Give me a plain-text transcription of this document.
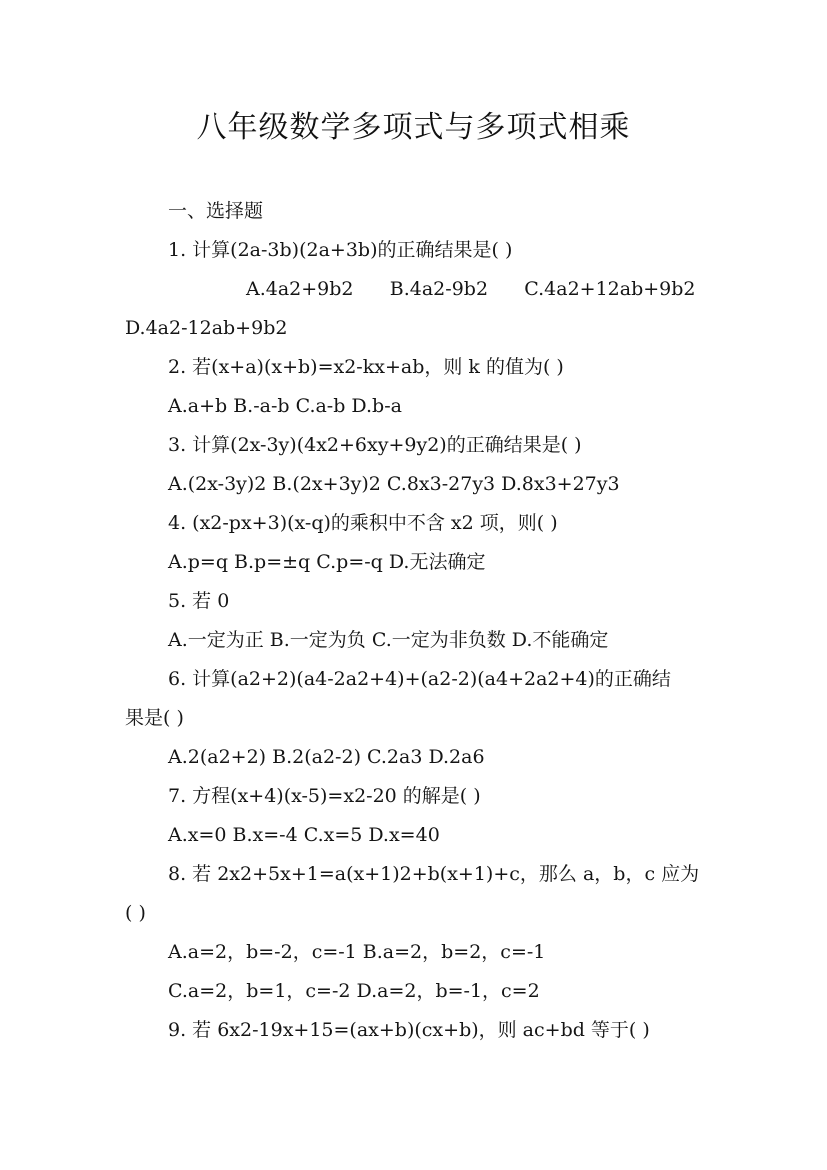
八年级数学多项式与多项式相乘
一、选择题
1. 计算(2a-3b)(2a+3b)的正确结果是( )
A.4a2+9b2      B.4a2-9b2      C.4a2+12ab+9b2
D.4a2-12ab+9b2
2. 若(x+a)(x+b)=x2-kx+ab，则 k 的值为( )
A.a+b B.-a-b C.a-b D.b-a
3. 计算(2x-3y)(4x2+6xy+9y2)的正确结果是( )
A.(2x-3y)2 B.(2x+3y)2 C.8x3-27y3 D.8x3+27y3
4. (x2-px+3)(x-q)的乘积中不含 x2 项，则( )
A.p=q B.p=±q C.p=-q D.无法确定
5. 若 0
A.一定为正 B.一定为负 C.一定为非负数 D.不能确定
6. 计算(a2+2)(a4-2a2+4)+(a2-2)(a4+2a2+4)的正确结
果是( )
A.2(a2+2) B.2(a2-2) C.2a3 D.2a6
7. 方程(x+4)(x-5)=x2-20 的解是( )
A.x=0 B.x=-4 C.x=5 D.x=40
8. 若 2x2+5x+1=a(x+1)2+b(x+1)+c，那么 a，b，c 应为
( )
A.a=2，b=-2，c=-1 B.a=2，b=2，c=-1
C.a=2，b=1，c=-2 D.a=2，b=-1，c=2
9. 若 6x2-19x+15=(ax+b)(cx+b)，则 ac+bd 等于( )
